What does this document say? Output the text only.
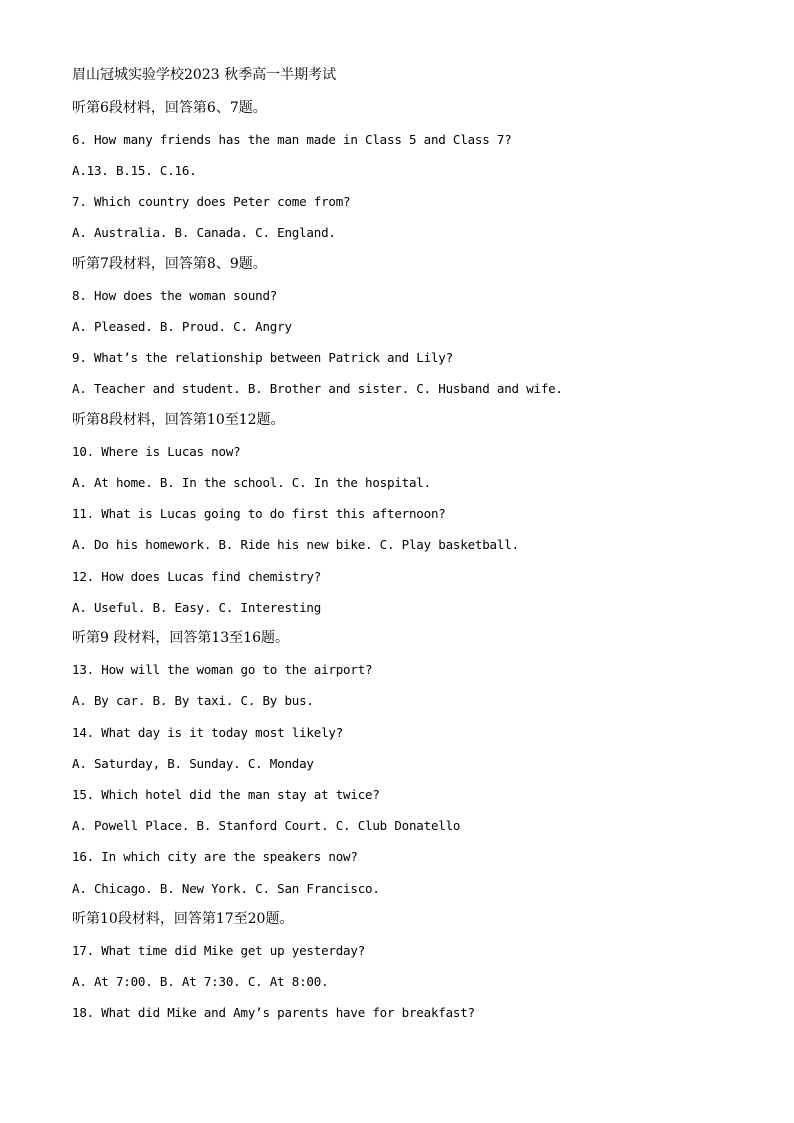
眉山冠城实验学校2023 秋季高一半期考试
听第6段材料，回答第6、7题。
6. How many friends has the man made in Class 5 and Class 7?
A.13. B.15. C.16.
7. Which country does Peter come from?
A. Australia. B. Canada. C. England.
听第7段材料，回答第8、9题。
8. How does the woman sound?
A. Pleased. B. Proud. C. Angry
9. What’s the relationship between Patrick and Lily?
A. Teacher and student. B. Brother and sister. C. Husband and wife.
听第8段材料，回答第10至12题。
10. Where is Lucas now?
A. At home. B. In the school. C. In the hospital.
11. What is Lucas going to do first this afternoon?
A. Do his homework. B. Ride his new bike. C. Play basketball.
12. How does Lucas find chemistry?
A. Useful. B. Easy. C. Interesting
听第9 段材料，回答第13至16题。
13. How will the woman go to the airport?
A. By car. B. By taxi. C. By bus.
14. What day is it today most likely?
A. Saturday, B. Sunday. C. Monday
15. Which hotel did the man stay at twice?
A. Powell Place. B. Stanford Court. C. Club Donatello
16. In which city are the speakers now?
A. Chicago. B. New York. C. San Francisco.
听第10段材料，回答第17至20题。
17. What time did Mike get up yesterday?
A. At 7:00. B. At 7:30. C. At 8:00.
18. What did Mike and Amy’s parents have for breakfast?
